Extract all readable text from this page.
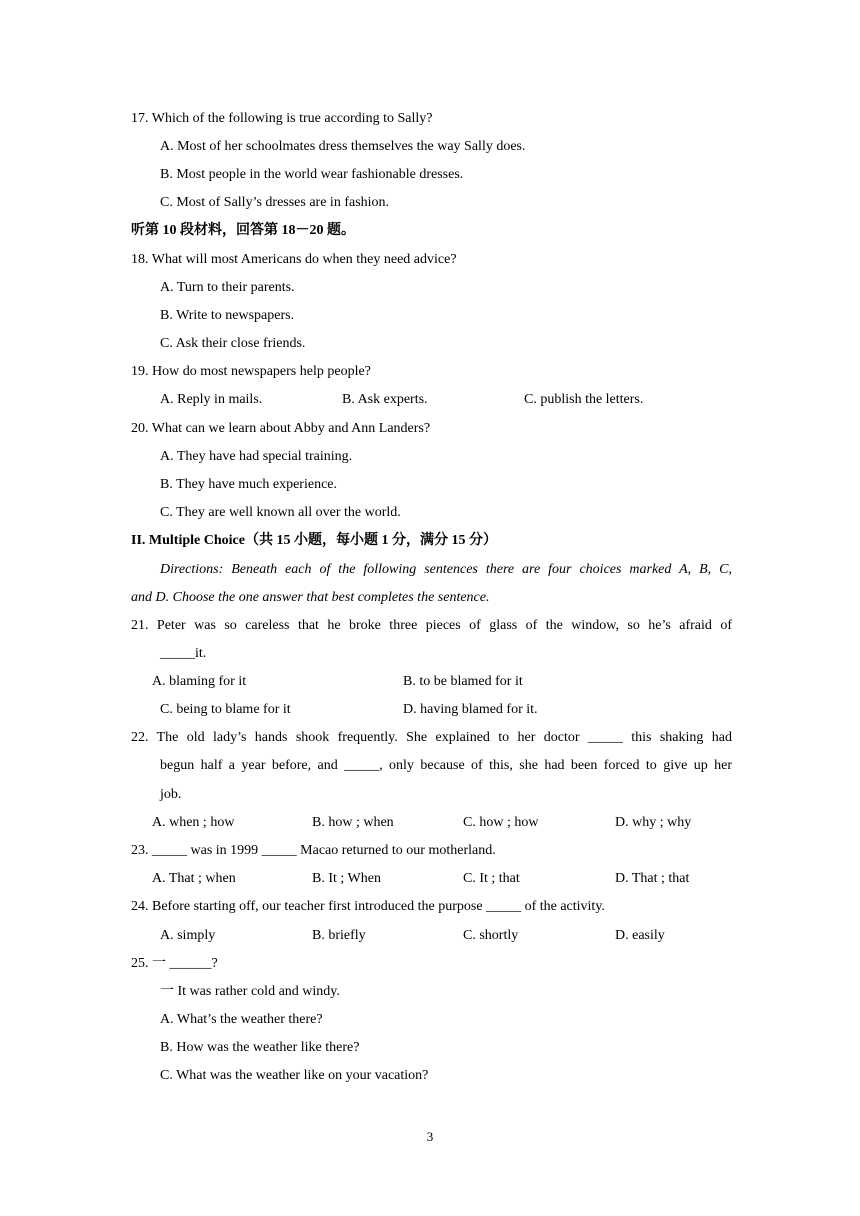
17. Which of the following is true according to Sally?
A. Most of her schoolmates dress themselves the way Sally does.
B. Most people in the world wear fashionable dresses.
C. Most of Sally’s dresses are in fashion.
听第 10 段材料，回答第 18－20 题。
18. What will most Americans do when they need advice?
A. Turn to their parents.
B. Write to newspapers.
C. Ask their close friends.
19. How do most newspapers help people?
A. Reply in mails.	B. Ask experts.	C. publish the letters.
20. What can we learn about Abby and Ann Landers?
A. They have had special training.
B. They have much experience.
C. They are well known all over the world.
II. Multiple Choice（共 15 小题，每小题 1 分，满分 15 分）
Directions: Beneath each of the following sentences there are four choices marked A, B, C,
and D. Choose the one answer that best completes the sentence.
21. Peter was so careless that he broke three pieces of glass of the window, so he’s afraid of
_____it.
A. blaming for it	B. to be blamed for it
C. being to blame for it	D. having blamed for it.
22. The old lady’s hands shook frequently. She explained to her doctor _____ this shaking had
begun half a year before, and _____, only because of this, she had been forced to give up her
job.
A. when ; how	B. how ; when	C. how ; how	D. why ; why
23. _____ was in 1999 _____ Macao returned to our motherland.
A. That ; when	B. It ; When	C. It ; that	D. That ; that
24. Before starting off, our teacher first introduced the purpose _____ of the activity.
A. simply	B. briefly	C. shortly	D. easily
25. 一 ______?
一 It was rather cold and windy.
A. What’s the weather there?
B. How was the weather like there?
C. What was the weather like on your vacation?
3
